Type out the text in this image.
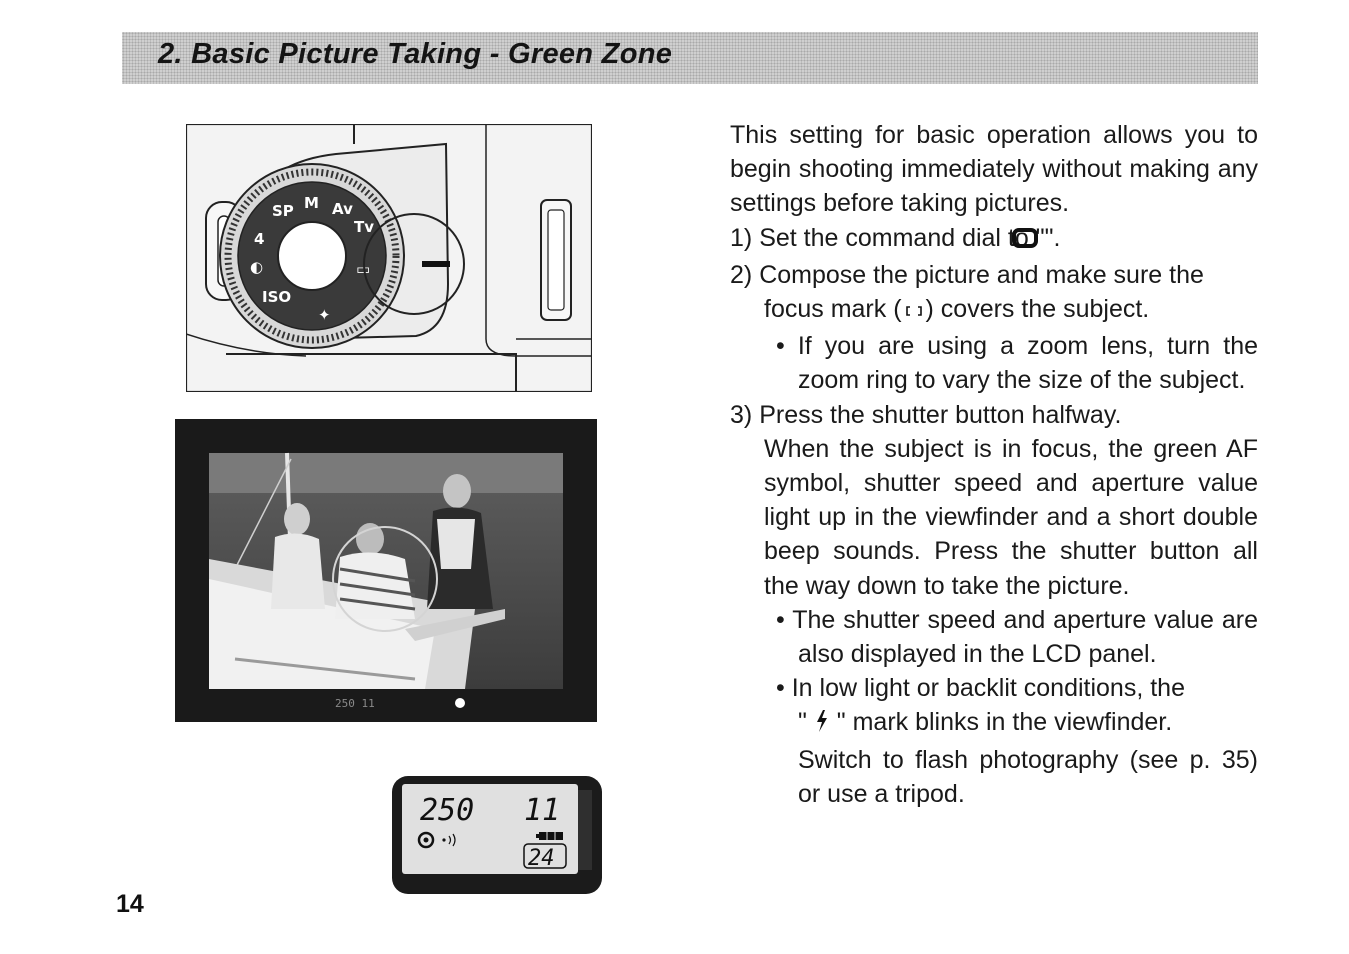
2. Basic Picture Taking - Green Zone
M Av
Tv
SP
4
◐
ISO
▭
✦
250 11
250 11
24
14

This setting for basic operation allows you to begin shooting immediately without making any settings before taking pictures.

1) Set the command dial to "".

2) Compose the picture and make sure the

focus mark ( ) covers the subject.

• If you are using a zoom lens, turn the zoom ring to vary the size of the subject.

3) Press the shutter button halfway.

When the subject is in focus, the green AF symbol, shutter speed and aperture value light up in the viewfinder and a short double beep sounds. Press the shutter button all the way down to take the picture.

• The shutter speed and aperture value are also displayed in the LCD panel.

• In low light or backlit conditions, the

" " mark blinks in the viewfinder.

Switch to flash photography (see p. 35) or use a tripod.
